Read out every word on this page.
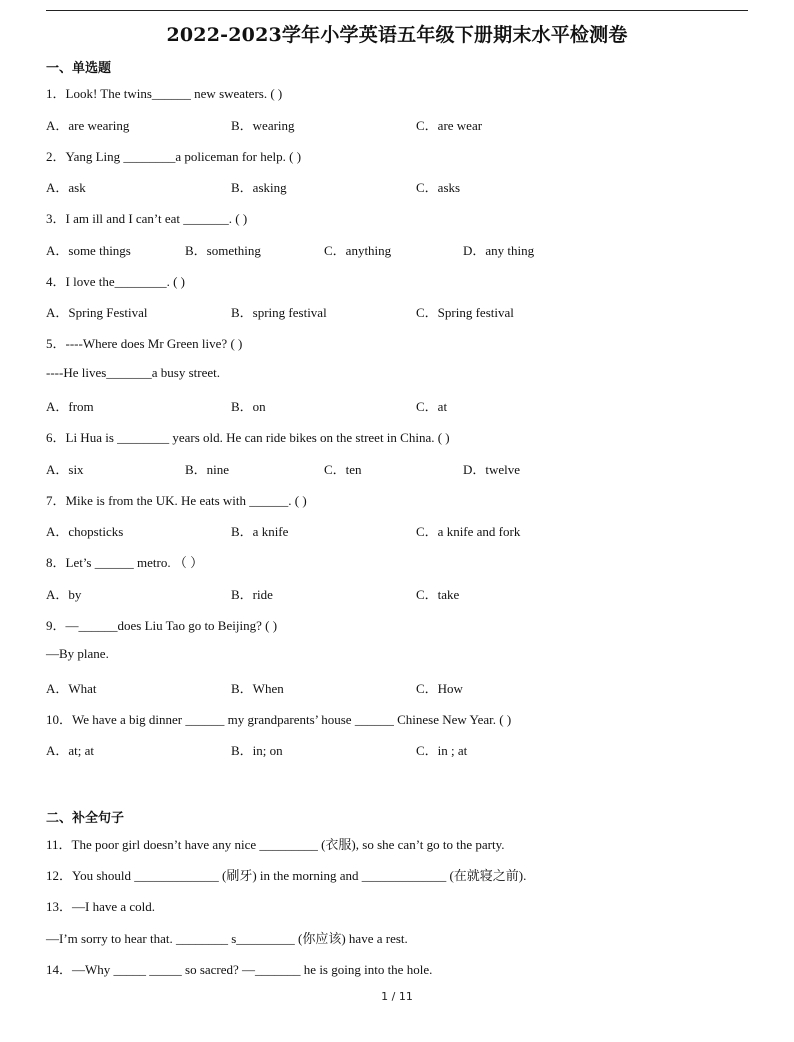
2022-2023学年小学英语五年级下册期末水平检测卷
一、单选题
1．Look! The twins______ new sweaters. ( )
A．are wearing	B．wearing	C．are wear
2．Yang Ling ________a policeman for help. ( )
A．ask	B．asking	C．asks
3．I am ill and I can’t eat _______. ( )
A．some things	B．something	C．anything	D．any thing
4．I love the________. ( )
A．Spring Festival	B．spring festival	C．Spring festival
5．----Where does Mr Green live? ( )
----He lives_______a busy street.
A．from	B．on	C．at
6．Li Hua is ________ years old. He can ride bikes on the street in China. ( )
A．six	B．nine	C．ten	D．twelve
7．Mike is from the UK. He eats with ______. ( )
A．chopsticks	B．a knife	C．a knife and fork
8．Let’s ______ metro. （ ）
A．by	B．ride	C．take
9．—______does Liu Tao go to Beijing? ( )
—By plane.
A．What	B．When	C．How
10．We have a big dinner ______ my grandparents’ house ______ Chinese New Year. ( )
A．at; at	B．in; on	C．in ; at
二、补全句子
11．The poor girl doesn’t have any nice _________ (衣服), so she can’t go to the party.
12．You should _____________ (刷牙) in the morning and _____________ (在就寝之前).
13．—I have a cold.
—I’m sorry to hear that. ________ s_________ (你应该) have a rest.
14．—Why _____ _____ so sacred? —_______ he is going into the hole.
1 / 11
